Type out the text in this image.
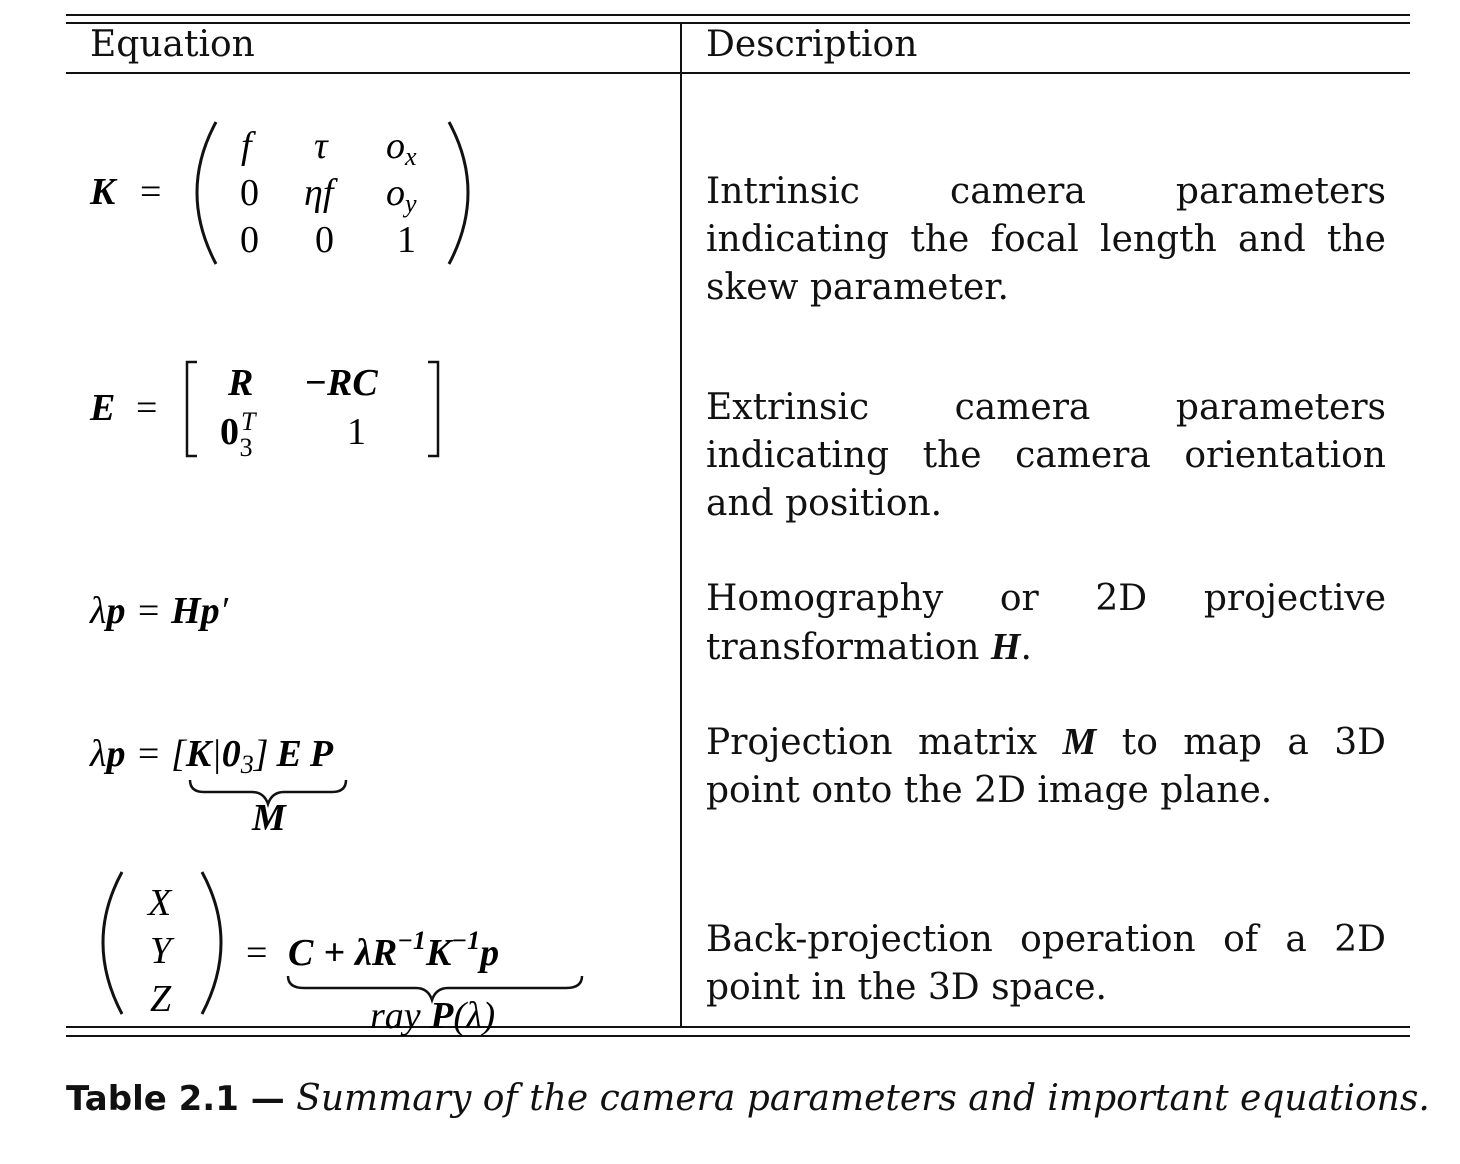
Equation	Description
Intrinsic camera parameters indicating the focal length and the skew parameter.
Extrinsic camera parameters indicating the camera orientation and position.
Homography or 2D projective transformation H.
Projection matrix M to map a 3D point onto the 2D image plane.
Back-projection operation of a 2D point in the 3D space.
K =
f τ ox
0 ηf oy
0 0 1
E =
R −RC
$0^T$ 3 1
λp = Hp′
λp = [K|03] E P
M
X
Y
Z
= $C + \lambda R^{-1}K^{-1}p$
ray P(λ)
Table 2.1 — Summary of the camera parameters and important equations.
